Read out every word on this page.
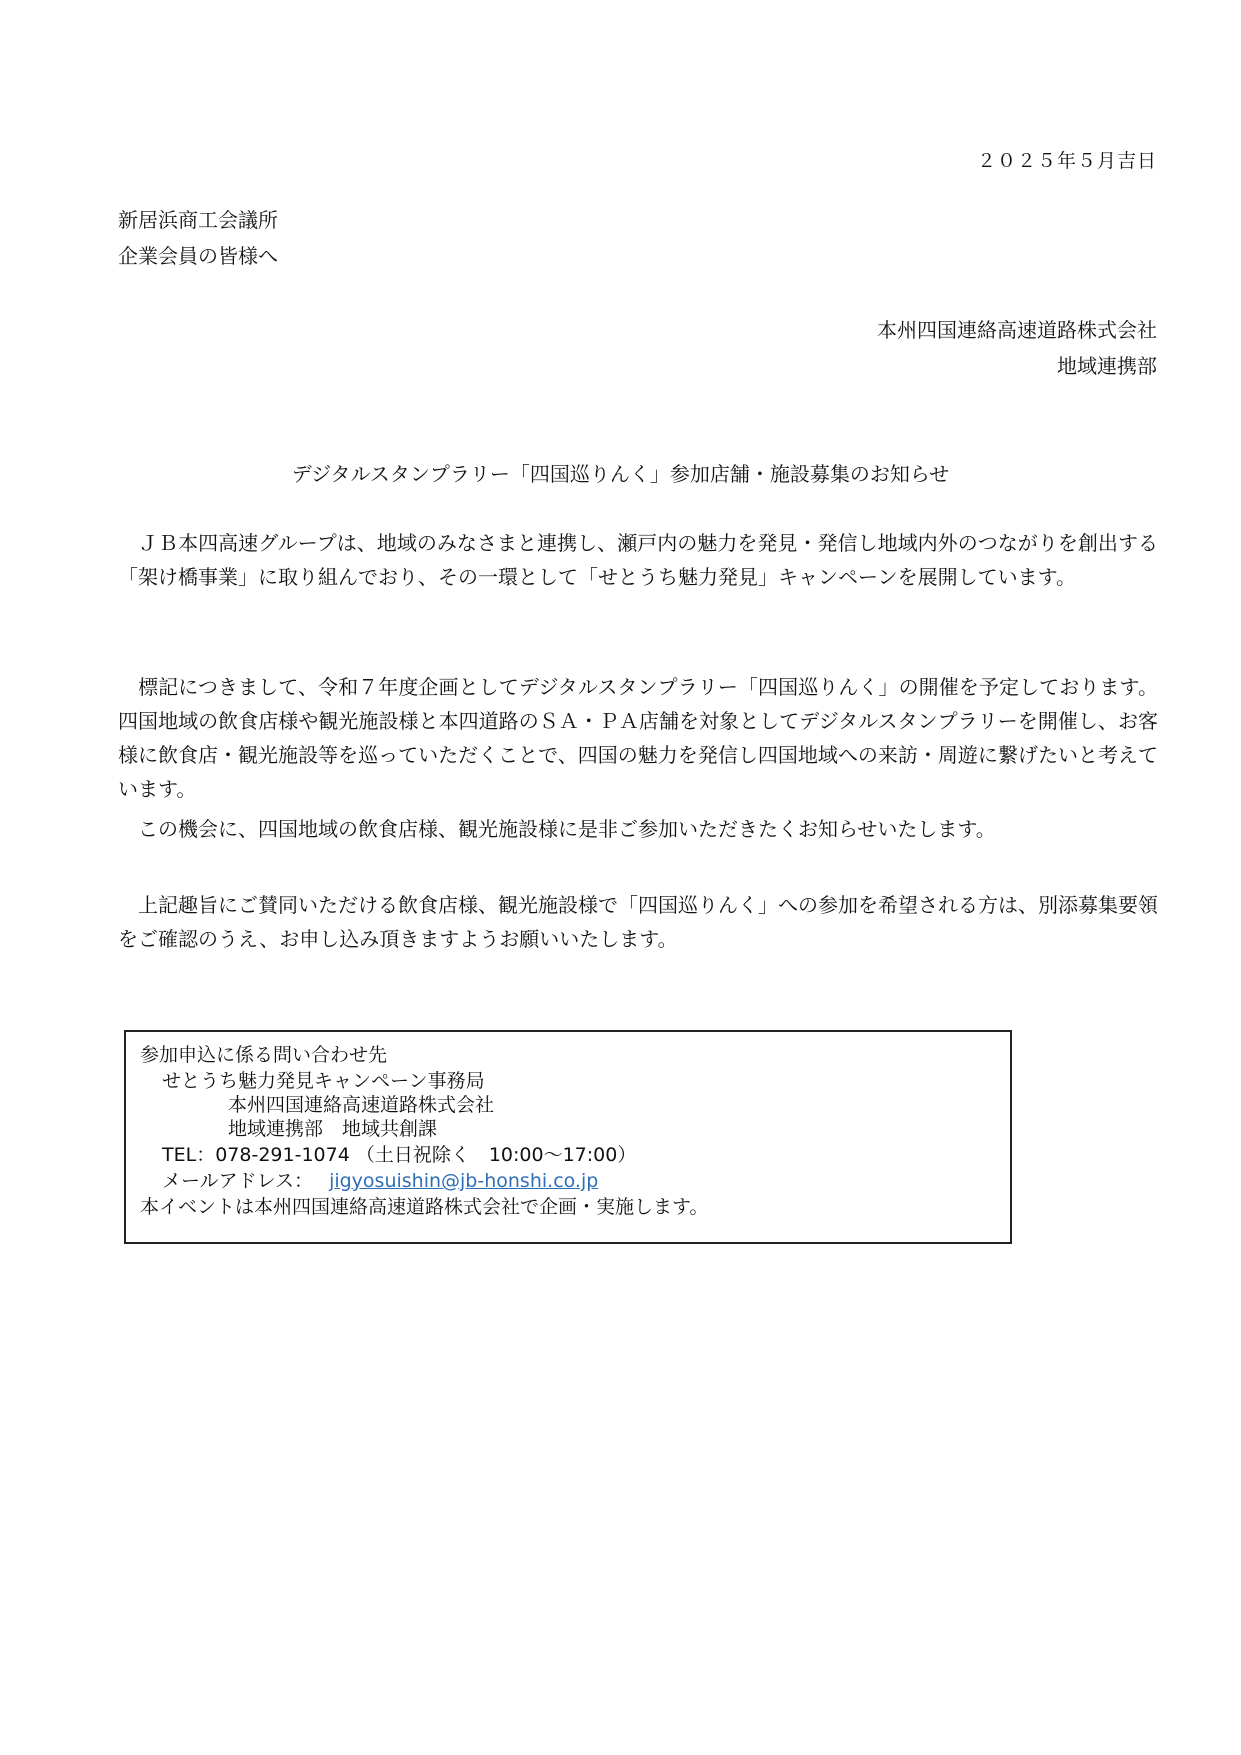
２０２５年５月吉日
新居浜商工会議所
企業会員の皆様へ
本州四国連絡高速道路株式会社
地域連携部
デジタルスタンプラリー「四国巡りんく」参加店舗・施設募集のお知らせ

　ＪＢ本四高速グループは、地域のみなさまと連携し、瀬戸内の魅力を発見・発信し地域内外のつながりを創出する「架け橋事業」に取り組んでおり、その一環として「せとうち魅力発見」キャンペーンを展開しています。

　標記につきまして、令和７年度企画としてデジタルスタンプラリー「四国巡りんく」の開催を予定しております。四国地域の飲食店様や観光施設様と本四道路のＳＡ・ＰＡ店舗を対象としてデジタルスタンプラリーを開催し、お客様に飲食店・観光施設等を巡っていただくことで、四国の魅力を発信し四国地域への来訪・周遊に繋げたいと考えています。

　この機会に、四国地域の飲食店様、観光施設様に是非ご参加いただきたくお知らせいたします。

　上記趣旨にご賛同いただける飲食店様、観光施設様で「四国巡りんく」への参加を希望される方は、別添募集要領をご確認のうえ、お申し込み頂きますようお願いいたします。

参加申込に係る問い合わせ先
せとうち魅力発見キャンペーン事務局
本州四国連絡高速道路株式会社
地域連携部　地域共創課
TEL：078-291-1074 （土日祝除く　10:00～17:00）
メールアドレス： jigyosuishin@jb-honshi.co.jp
本イベントは本州四国連絡高速道路株式会社で企画・実施します。
